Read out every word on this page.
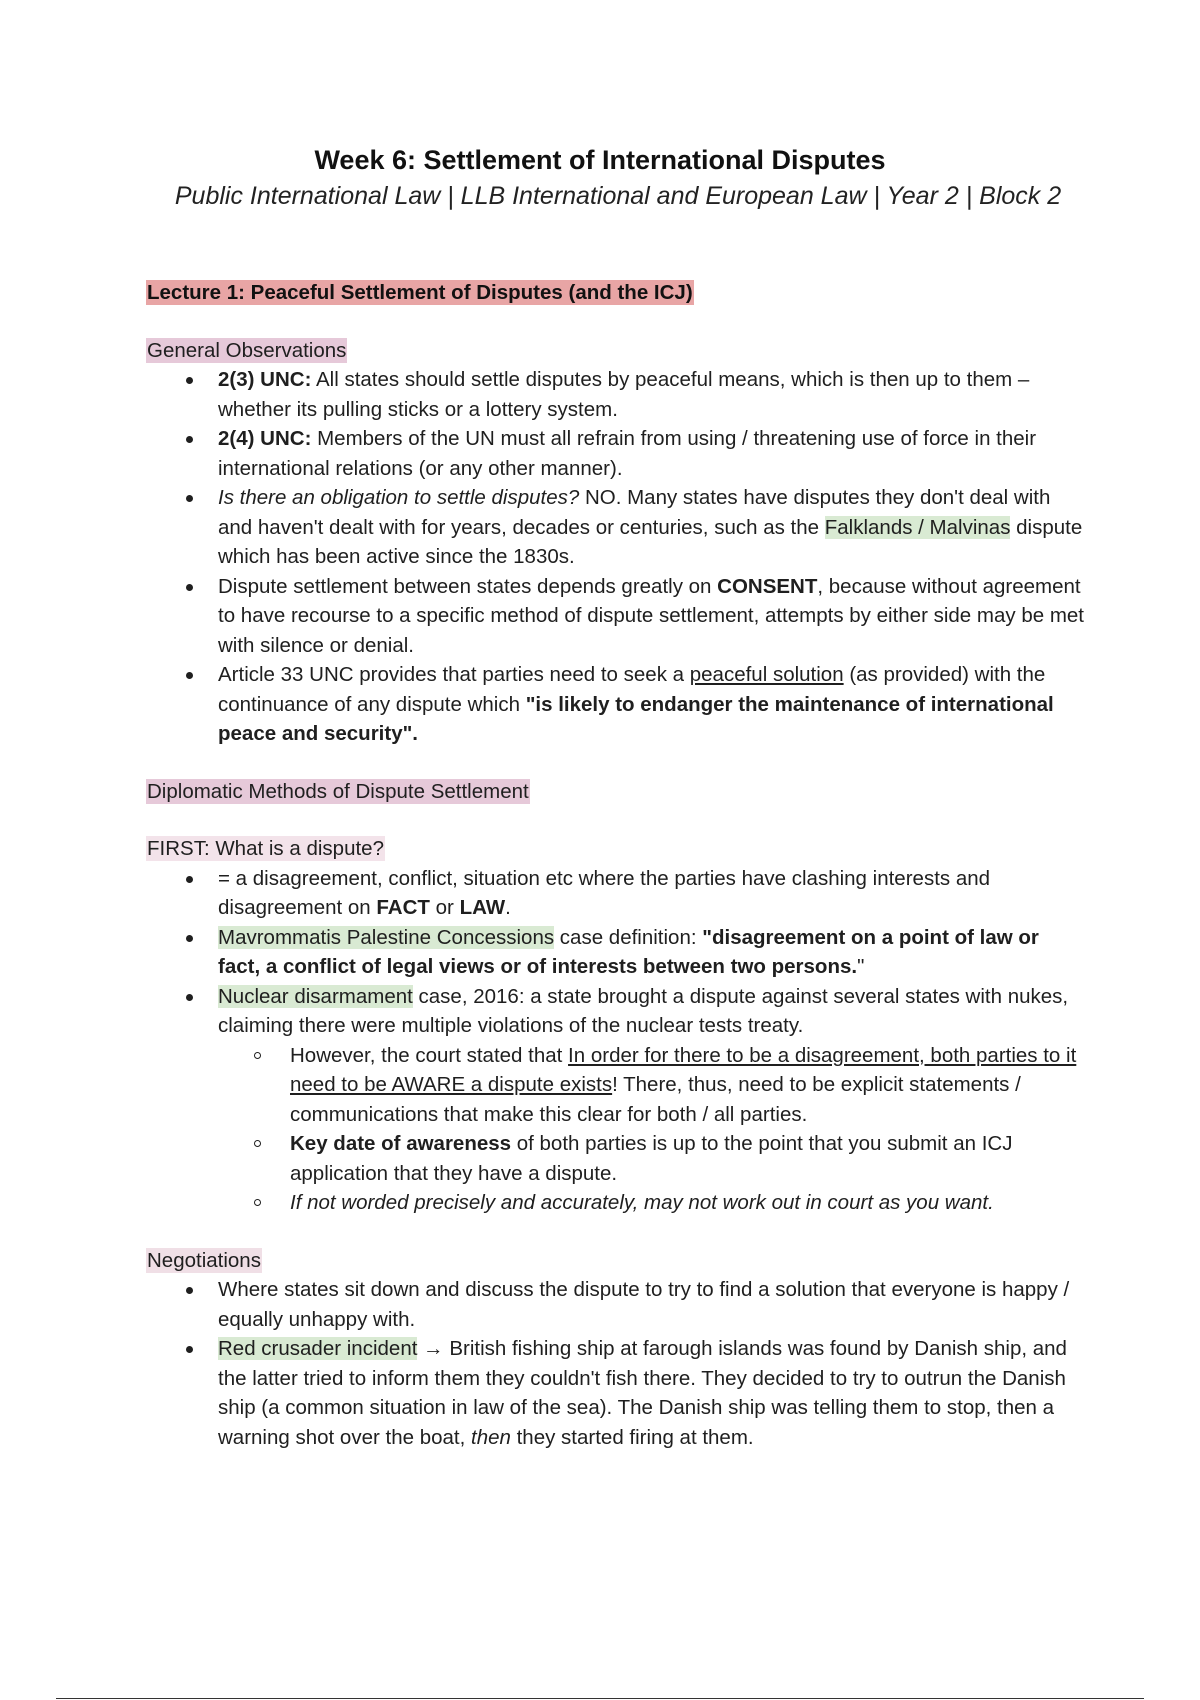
Week 6: Settlement of International Disputes
Public International Law | LLB International and European Law | Year 2 | Block 2
Lecture 1: Peaceful Settlement of Disputes (and the ICJ)
General Observations
2(3) UNC: All states should settle disputes by peaceful means, which is then up to them – whether its pulling sticks or a lottery system.
2(4) UNC: Members of the UN must all refrain from using / threatening use of force in their international relations (or any other manner).
Is there an obligation to settle disputes? NO. Many states have disputes they don't deal with and haven't dealt with for years, decades or centuries, such as the Falklands / Malvinas dispute which has been active since the 1830s.
Dispute settlement between states depends greatly on CONSENT, because without agreement to have recourse to a specific method of dispute settlement, attempts by either side may be met with silence or denial.
Article 33 UNC provides that parties need to seek a peaceful solution (as provided) with the continuance of any dispute which "is likely to endanger the maintenance of international peace and security".
Diplomatic Methods of Dispute Settlement
FIRST: What is a dispute?
= a disagreement, conflict, situation etc where the parties have clashing interests and disagreement on FACT or LAW.
Mavrommatis Palestine Concessions case definition: "disagreement on a point of law or fact, a conflict of legal views or of interests between two persons."
Nuclear disarmament case, 2016: a state brought a dispute against several states with nukes, claiming there were multiple violations of the nuclear tests treaty.
However, the court stated that In order for there to be a disagreement, both parties to it need to be AWARE a dispute exists! There, thus, need to be explicit statements / communications that make this clear for both / all parties.
Key date of awareness of both parties is up to the point that you submit an ICJ application that they have a dispute.
If not worded precisely and accurately, may not work out in court as you want.
Negotiations
Where states sit down and discuss the dispute to try to find a solution that everyone is happy / equally unhappy with.
Red crusader incident → British fishing ship at farough islands was found by Danish ship, and the latter tried to inform them they couldn't fish there. They decided to try to outrun the Danish ship (a common situation in law of the sea). The Danish ship was telling them to stop, then a warning shot over the boat, then they started firing at them.
